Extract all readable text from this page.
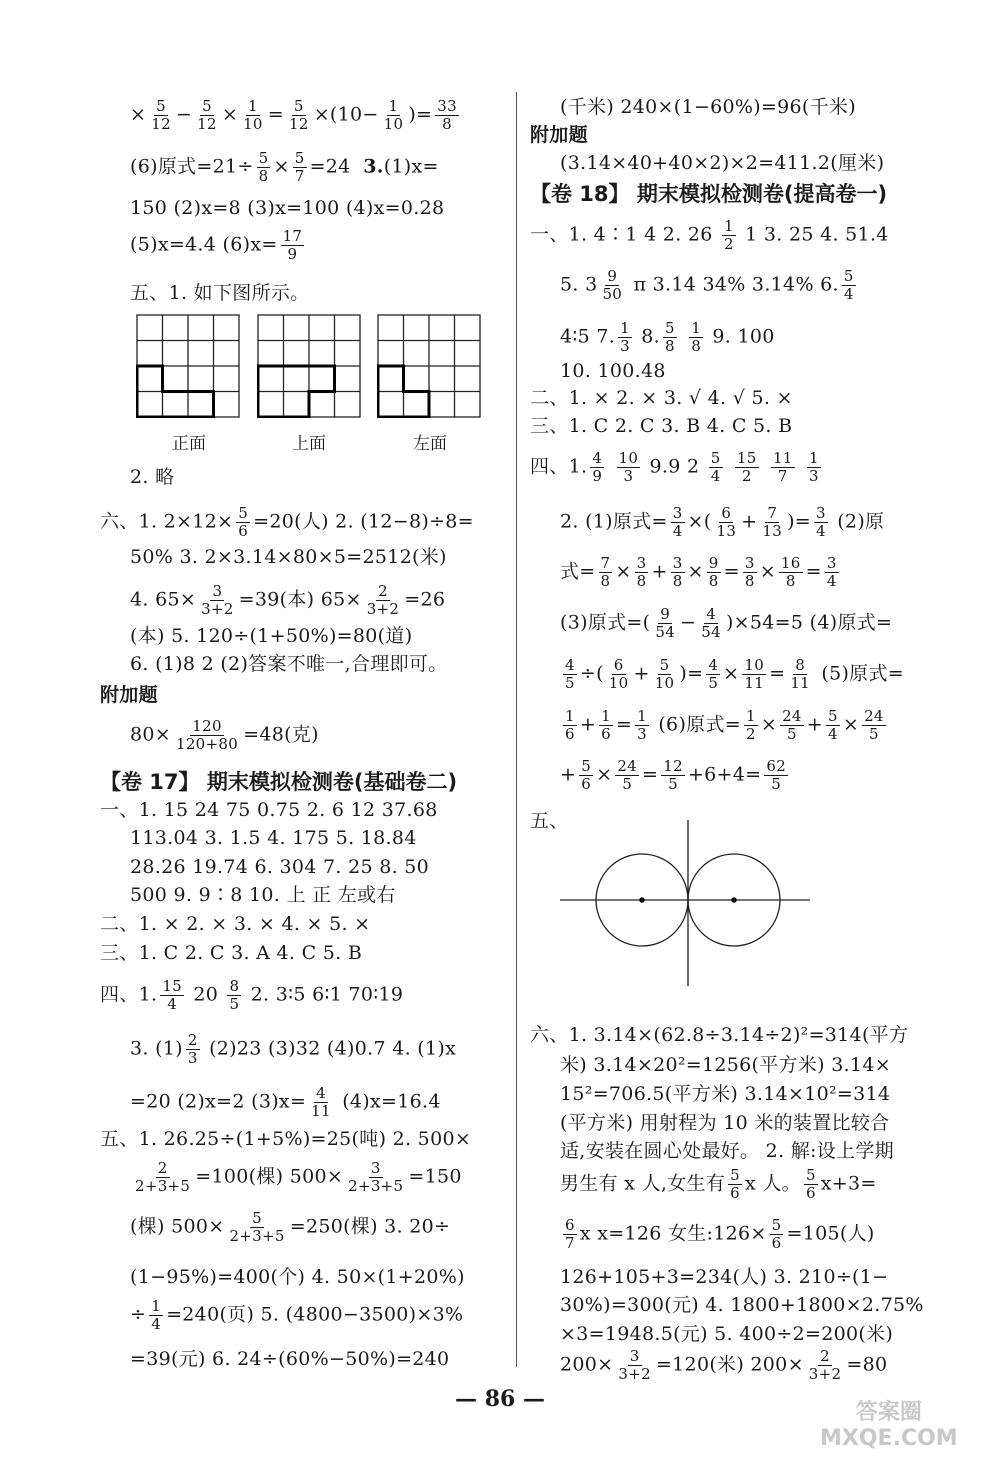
× $\frac{5}{12} - \frac{5}{12} \times \frac{1}{10} = \frac{5}{12} \times(10- \frac{1}{10}$ )= $\frac{33}{8}$
(6)原式$=21\div \frac{5}{8} \times \frac{5}{7} =24$ 3.(1)x=
150 (2)x=8 (3)x=100 (4)x=0.28
(5)x=4.4 $(6)x= \frac{17}{9}$
五、1. 如下图所示。
正面	上面	左面
2. 略
六、1. $2\times 12\times \frac{5}{6} =20$(人) 2. (12−8)÷8=
50% 3. 2×3.14×80×5=2512(米)
4. $65\times \frac{3}{3+2} =39$(本) $65\times \frac{2}{3+2} =26$
(本) 5. 120÷(1+50%)=80(道)
6. (1)8 2 (2)答案不唯一,合理即可。
附加题
$80\times \frac{120}{120+80} =48$(克)
【卷 17】 期末模拟检测卷(基础卷二)
一、1. 15 24 75 0.75 2. 6 12 37.68
113.04 3. 1.5 4. 175 5. 18.84
28.26 19.74 6. 304 7. 25 8. 50
500 9. 9∶8 10. 上 正 左或右
二、1. × 2. × 3. × 4. × 5. ×
三、1. C 2. C 3. A 4. C 5. B
四、1. $\frac{15}{4} 20 \frac{8}{5} 2$. 3∶5 6∶1 70∶19
3. $(1) \frac{2}{3} (2)23$ (3)32 (4)0.7 4. (1)x
=20 (2)x=2 $(3)x= \frac{4}{11} (4)x=16.4$
五、1. 26.25÷(1+5%)=25(吨) 2. 500×
$\frac{2}{2+3+5} =100$(棵) $500\times \frac{3}{2+3+5} =150$
(棵) $500\times \frac{5}{2+3+5} =250$(棵) 3. 20÷
(1−95%)=400(个) 4. 50×(1+20%)
÷ $\frac{1}{4} =240$(页) 5. (4800−3500)×3%
=39(元) 6. 24÷(60%−50%)=240
(千米) 240×(1−60%)=96(千米)
附加题
(3.14×40+40×2)×2=411.2(厘米)
【卷 18】 期末模拟检测卷(提高卷一)
一、1. 4∶1 4 2. $26 \frac{1}{2} 1$ 3. 25 4. 51.4
5. $3 \frac{9}{50}$ π 3.14 34% 3.14% 6. $\frac{5}{4}$
4∶5 7. $\frac{1}{3} 8$. $\frac{5}{8}$
$\frac{1}{8} 9$. 100
10. 100.48
二、1. × 2. × 3. √ 4. √ 5. ×
三、1. C 2. C 3. B 4. C 5. B
四、1. $\frac{4}{9}$
$\frac{10}{3} 9.9$ $2 \frac{5}{4}$
$\frac{15}{2}$
$\frac{11}{7}$
$\frac{1}{3}$
2. (1)原式= $\frac{3}{4}$ ×( $\frac{6}{13} + \frac{7}{13}$ )= $\frac{3}{4} (2)$原
式= $\frac{7}{8} \times \frac{3}{8} + \frac{3}{8} \times \frac{9}{8} = \frac{3}{8} \times \frac{16}{8} = \frac{3}{4}$
(3)原式=( $\frac{9}{54} - \frac{4}{54} )\times 54=5$ (4)原式=
$\frac{4}{5}$ ÷( $\frac{6}{10} + \frac{5}{10}$ )= $\frac{4}{5} \times \frac{10}{11} = \frac{8}{11} (5)$原式=
$\frac{1}{6} + \frac{1}{6} = \frac{1}{3} (6)$原式= $\frac{1}{2} \times \frac{24}{5} + \frac{5}{4} \times \frac{24}{5}$
+ $\frac{5}{6} \times \frac{24}{5} = \frac{12}{5} +6+4= \frac{62}{5}$
五、
六、1. 3.14×(62.8÷3.14÷2)²=314(平方
米) 3.14×20²=1256(平方米) 3.14×
15²=706.5(平方米) 3.14×10²=314
(平方米) 用射程为 10 米的装置比较合
适,安装在圆心处最好。 2. 解:设上学期
男生有 x 人,女生有 $\frac{5}{6}$ x 人。 $\frac{5}{6} x+3=$
$\frac{6}{7}$ x x=126 女生:126× $\frac{5}{6} =105$(人)
126+105+3=234(人) 3. 210÷(1−
30%)=300(元) 4. 1800+1800×2.75%
×3=1948.5(元) 5. 400÷2=200(米)
$200\times \frac{3}{3+2} =120$(米) $200\times \frac{2}{3+2} =80$
— 86 —
答案圈
MXQE.COM
